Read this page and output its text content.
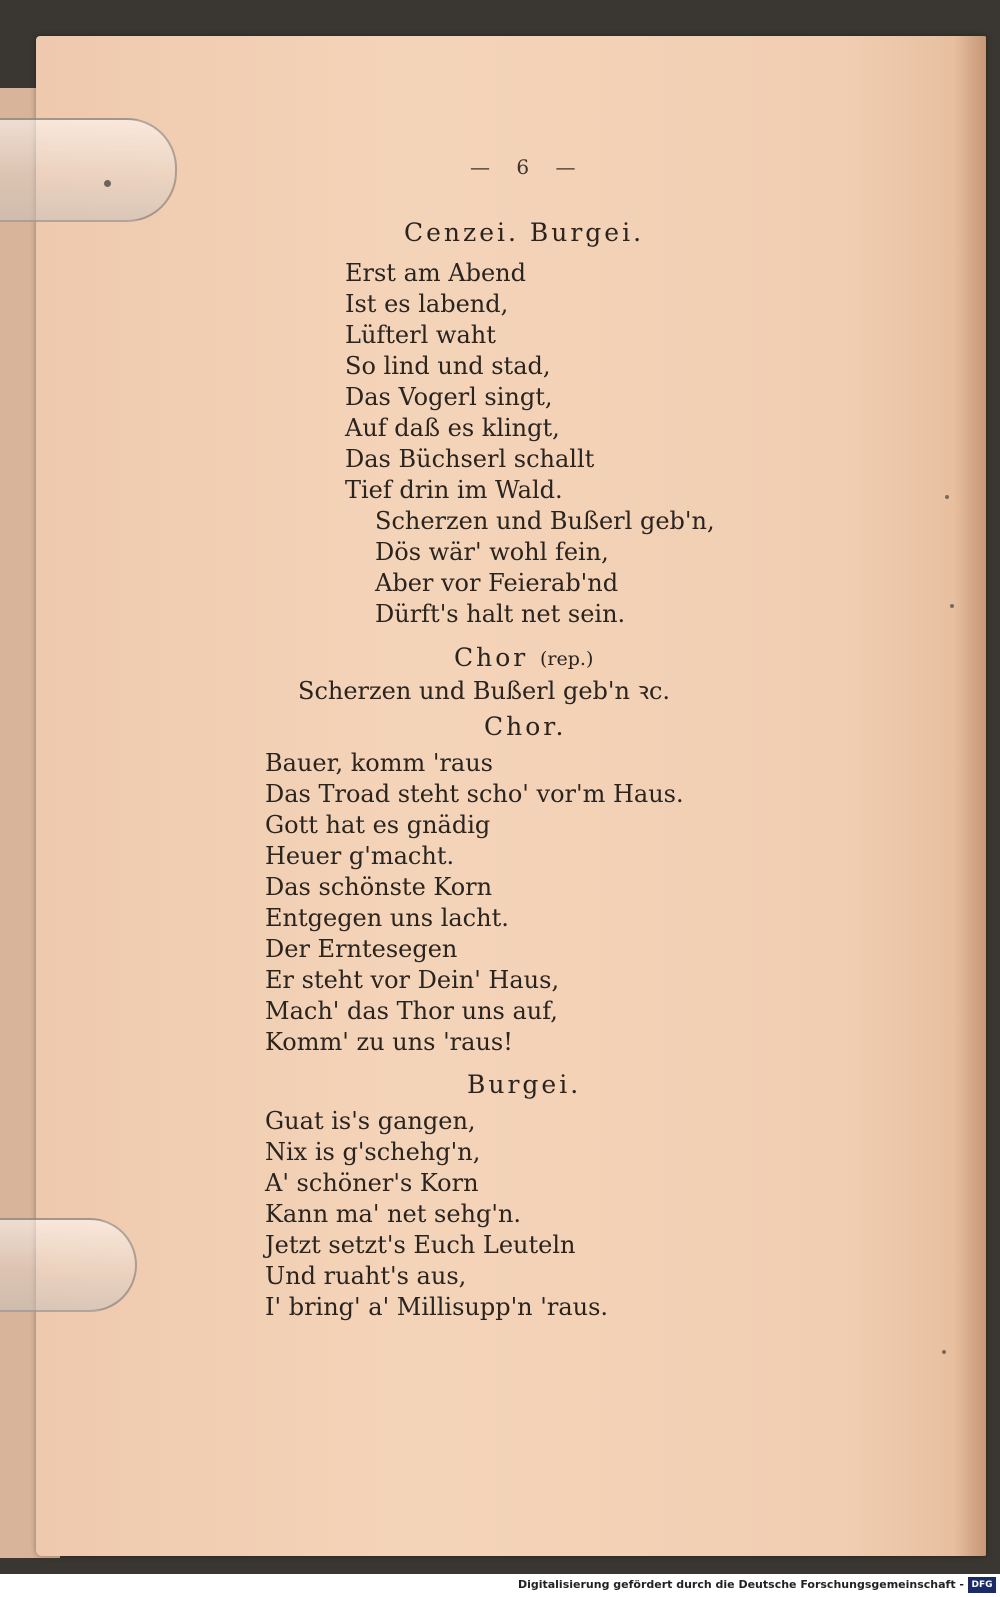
— 6 —
Cenzei. Burgei.
Erst am Abend
Ist es labend,
Lüfterl waht
So lind und stad,
Das Vogerl singt,
Auf daß es klingt,
Das Büchserl schallt
Tief drin im Wald.
Scherzen und Bußerl geb'n,
Dös wär' wohl fein,
Aber vor Feierab'nd
Dürft's halt net sein.
Chor (rep.)
Scherzen und Bußerl geb'n ꝛc.
Chor.
Bauer, komm 'raus
Das Troad steht scho' vor'm Haus.
Gott hat es gnädig
Heuer g'macht.
Das schönste Korn
Entgegen uns lacht.
Der Erntesegen
Er steht vor Dein' Haus,
Mach' das Thor uns auf,
Komm' zu uns 'raus!
Burgei.
Guat is's gangen,
Nix is g'schehg'n,
A' schöner's Korn
Kann ma' net sehg'n.
Jetzt setzt's Euch Leuteln
Und ruaht's aus,
I' bring' a' Millisupp'n 'raus.
Digitalisierung gefördert durch die Deutsche Forschungsgemeinschaft - DFG
